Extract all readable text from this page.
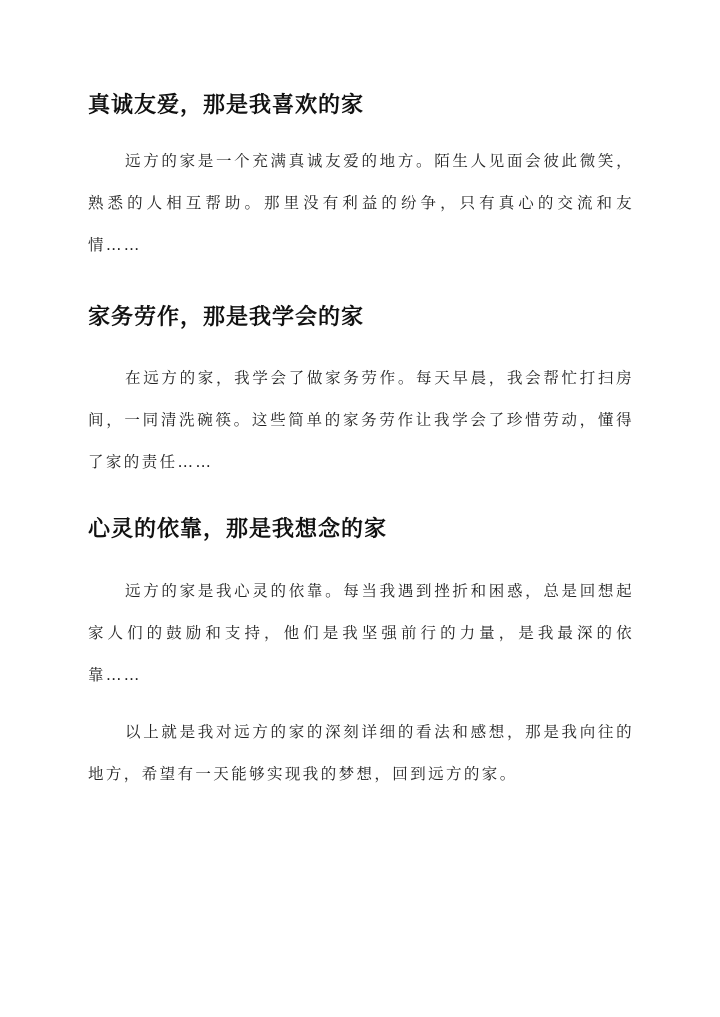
真诚友爱，那是我喜欢的家

远方的家是一个充满真诚友爱的地方。陌生人见面会彼此微笑，熟悉的人相互帮助。那里没有利益的纷争，只有真心的交流和友情……

家务劳作，那是我学会的家

在远方的家，我学会了做家务劳作。每天早晨，我会帮忙打扫房间，一同清洗碗筷。这些简单的家务劳作让我学会了珍惜劳动，懂得了家的责任……

心灵的依靠，那是我想念的家

远方的家是我心灵的依靠。每当我遇到挫折和困惑，总是回想起家人们的鼓励和支持，他们是我坚强前行的力量，是我最深的依靠……

以上就是我对远方的家的深刻详细的看法和感想，那是我向往的地方，希望有一天能够实现我的梦想，回到远方的家。
